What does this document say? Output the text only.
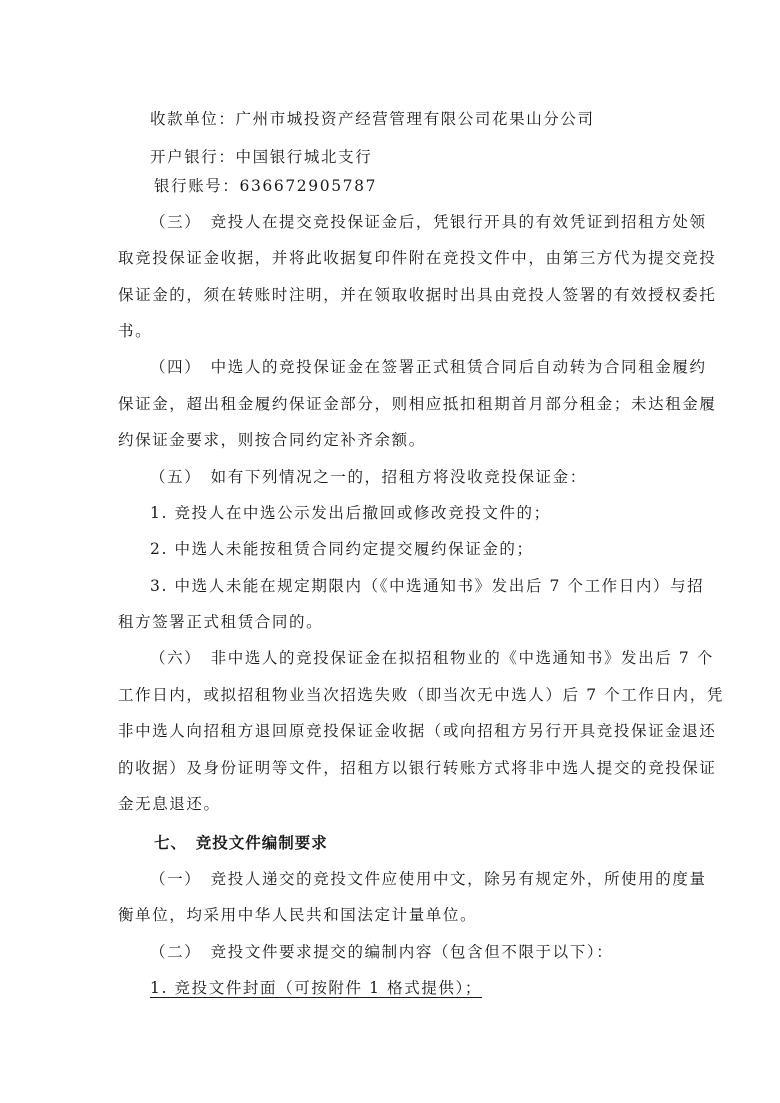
收款单位：广州市城投资产经营管理有限公司花果山分公司
开户银行：中国银行城北支行
银行账号：636672905787
（三）　竞投人在提交竞投保证金后，凭银行开具的有效凭证到招租方处领
取竞投保证金收据，并将此收据复印件附在竞投文件中，由第三方代为提交竞投
保证金的，须在转账时注明，并在领取收据时出具由竞投人签署的有效授权委托
书。
（四）　中选人的竞投保证金在签署正式租赁合同后自动转为合同租金履约
保证金，超出租金履约保证金部分，则相应抵扣租期首月部分租金；未达租金履
约保证金要求，则按合同约定补齐余额。
（五）　如有下列情况之一的，招租方将没收竞投保证金：
1. 竞投人在中选公示发出后撤回或修改竞投文件的；
2. 中选人未能按租赁合同约定提交履约保证金的；
3. 中选人未能在规定期限内（《中选通知书》发出后 7 个工作日内）与招
租方签署正式租赁合同的。
（六）　非中选人的竞投保证金在拟招租物业的《中选通知书》发出后 7 个
工作日内，或拟招租物业当次招选失败（即当次无中选人）后 7 个工作日内，凭
非中选人向招租方退回原竞投保证金收据（或向招租方另行开具竞投保证金退还
的收据）及身份证明等文件，招租方以银行转账方式将非中选人提交的竞投保证
金无息退还。
七、　竞投文件编制要求
（一）　竞投人递交的竞投文件应使用中文，除另有规定外，所使用的度量
衡单位，均采用中华人民共和国法定计量单位。
（二）　竞投文件要求提交的编制内容（包含但不限于以下）：
1. 竞投文件封面（可按附件 1 格式提供）；
